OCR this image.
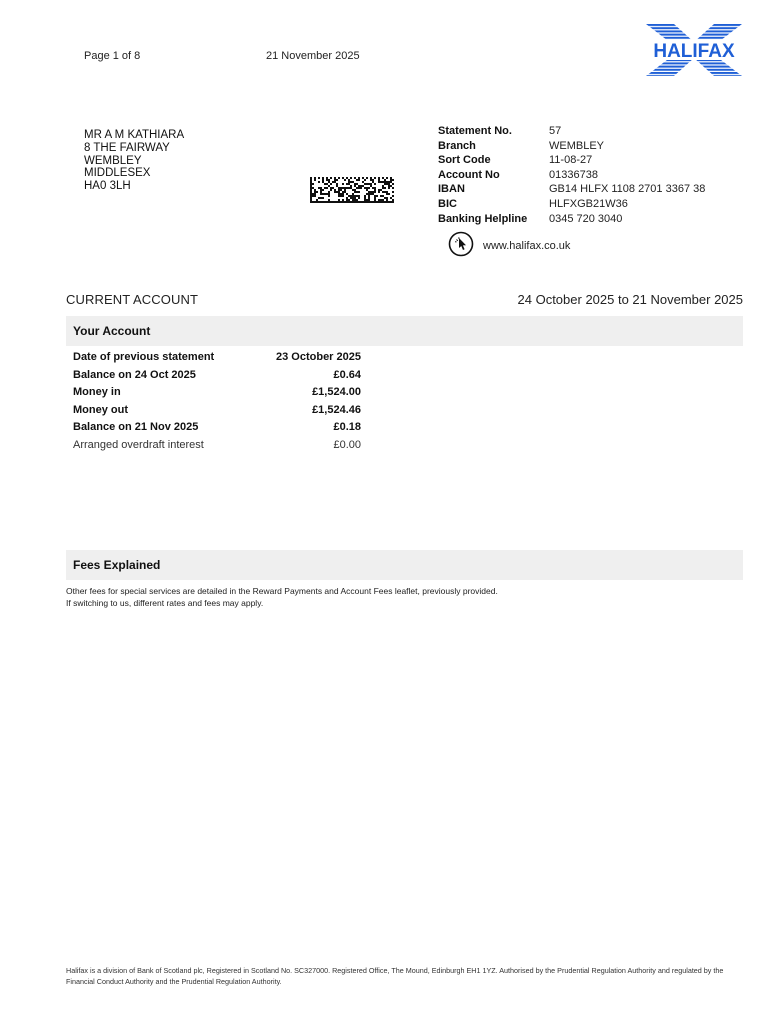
Page 1 of 8	21 November 2025	HALIFAX
MR A M KATHIARA
8 THE FAIRWAY
WEMBLEY
MIDDLESEX
HA0 3LH
Statement No.	57
Branch	WEMBLEY
Sort Code	11-08-27
Account No	01336738
IBAN	GB14 HLFX 1108 2701 3367 38
BIC	HLFXGB21W36
Banking Helpline	0345 720 3040
www.halifax.co.uk
CURRENT ACCOUNT	24 October 2025 to 21 November 2025
Your Account
Date of previous statement	23 October 2025
Balance on 24 Oct 2025	£0.64
Money in	£1,524.00
Money out	£1,524.46
Balance on 21 Nov 2025	£0.18
Arranged overdraft interest	£0.00
Fees Explained
Other fees for special services are detailed in the Reward Payments and Account Fees leaflet, previously provided.
If switching to us, different rates and fees may apply.
Halifax is a division of Bank of Scotland plc, Registered in Scotland No. SC327000. Registered Office, The Mound, Edinburgh EH1 1YZ. Authorised by the Prudential Regulation Authority and regulated by the Financial Conduct Authority and the Prudential Regulation Authority.
